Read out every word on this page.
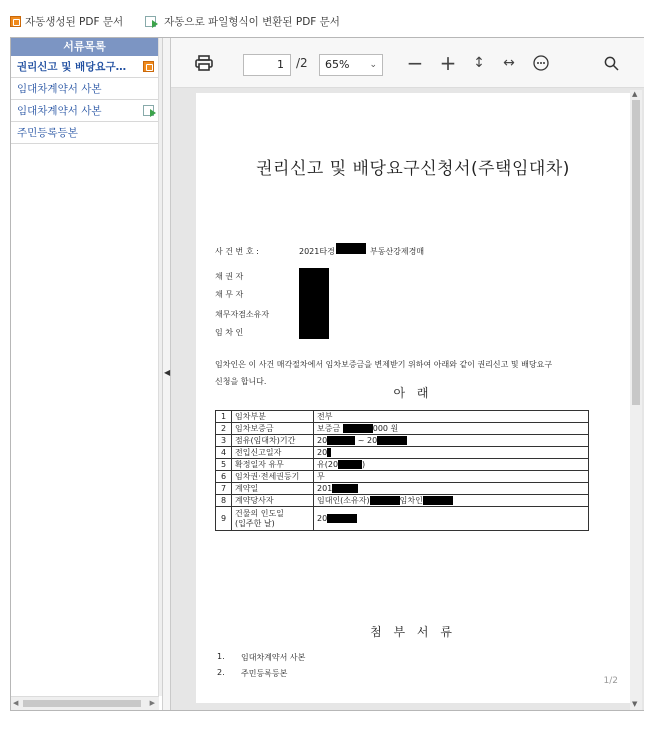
자동생성된 PDF 문서	자동으로 파일형식이 변환된 PDF 문서
서류목록
권리신고 및 배당요구…
임대차계약서 사본
임대차계약서 사본
주민등록등본
◀	▶
◀
1	/2	65% ⌄ − + ↕ ↔
권리신고 및 배당요구신청서(주택임대차)
사 건 번 호 :	2021타경	부동산강제경매
채 권 자
채 무 자
채무자겸소유자
임 차 인
임차인은 이 사건 매각절차에서 임차보증금을 변제받기 위하여 아래와 같이 권리신고 및 배당요구
신청을 합니다.
아 래
1	임차부분	전부
2	임차보증금	보증금 000 원
3	점유(임대차)기간	20 ~ 20
4	전입신고일자	20
5	확정일자 유무	유(20 )
6	임차권·전세권등기	무
7	계약일	201
8	계약당사자	임대인(소유자) 임차인
9	건물의 인도일
(입주한 날)	20
첨 부 서 류
1. 임대차계약서 사본
2. 주민등록등본
1/2
▲
▼
